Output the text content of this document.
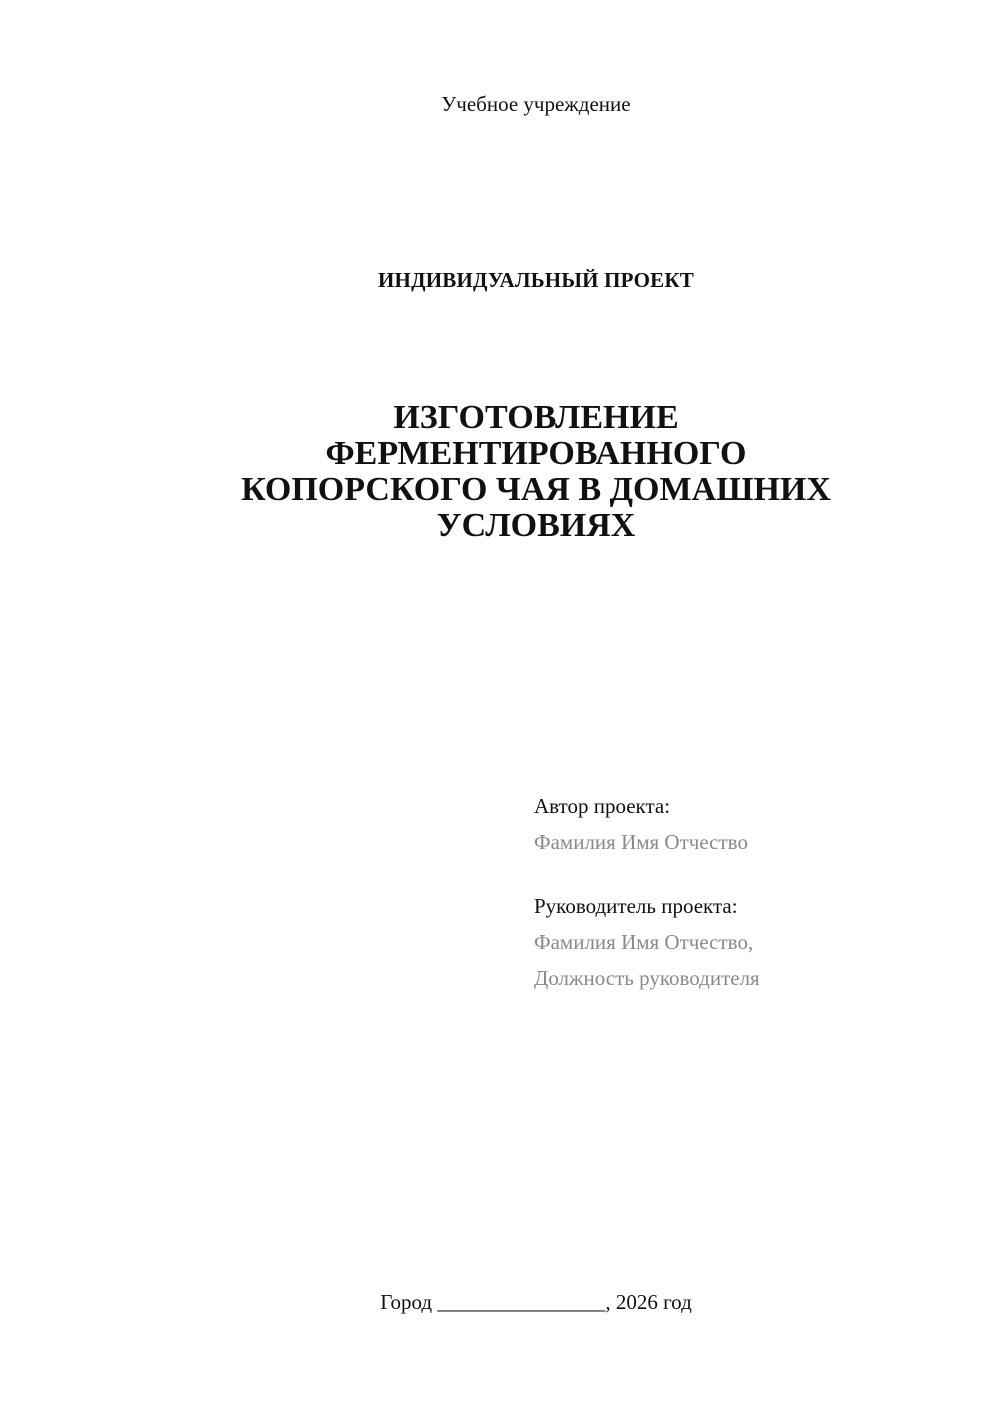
Учебное учреждение
ИНДИВИДУАЛЬНЫЙ ПРОЕКТ
ИЗГОТОВЛЕНИЕ
ФЕРМЕНТИРОВАННОГО
КОПОРСКОГО ЧАЯ В ДОМАШНИХ
УСЛОВИЯХ
Автор проекта:
Фамилия Имя Отчество
Руководитель проекта:
Фамилия Имя Отчество,
Должность руководителя
Город ________________, 2026 год
